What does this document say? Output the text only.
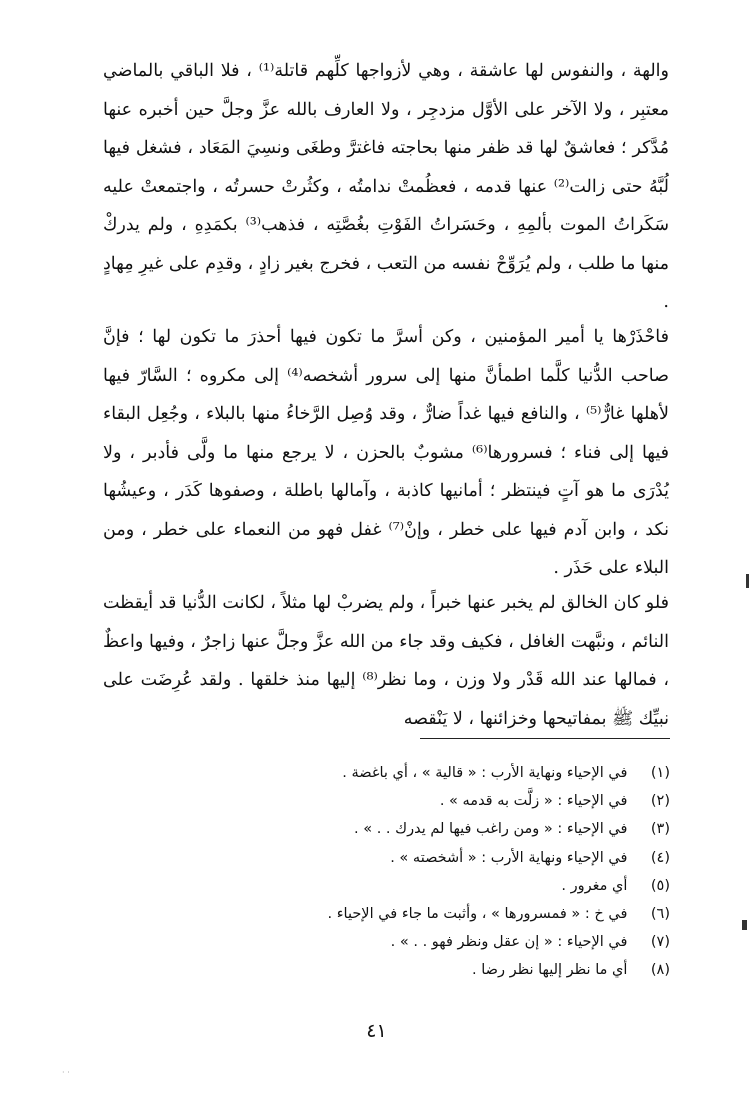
والهة ، والنفوس لها عاشقة ، وهي لأزواجها كلِّهم قاتلة⁽¹⁾ ، فلا الباقي بالماضي معتبِر ، ولا الآخر على الأوَّل مزدجِر ، ولا العارف بالله عزَّ وجلَّ حين أخبره عنها مُدَّكر ؛ فعاشقٌ لها قد ظفر منها بحاجته فاغترَّ وطغَى ونسِيَ المَعَاد ، فشغل فيها لُبَّهُ حتى زالت⁽²⁾ عنها قدمه ، فعظُمتْ ندامتُه ، وكثُرتْ حسرتُه ، واجتمعتْ عليه سَكَراتُ الموت بألمِهِ ، وحَسَراتُ الفَوْتِ بغُصَّتِه ، فذهب⁽³⁾ بكمَدِهِ ، ولم يدركْ منها ما طلب ، ولم يُرَوِّحْ نفسه من التعب ، فخرج بغير زادٍ ، وقدِم على غيرِ مِهادٍ .

فاحْذَرْها يا أمير المؤمنين ، وكن أسرَّ ما تكون فيها أحذرَ ما تكون لها ؛ فإنَّ صاحب الدُّنيا كلَّما اطمأنَّ منها إلى سرور أشخصه⁽⁴⁾ إلى مكروه ؛ السَّارّ فيها لأهلها غارٌّ⁽⁵⁾ ، والنافع فيها غداً ضارٌّ ، وقد وُصِل الرَّخاءُ منها بالبلاء ، وجُعِل البقاء فيها إلى فناء ؛ فسرورها⁽⁶⁾ مشوبٌ بالحزن ، لا يرجع منها ما ولَّى فأدبر ، ولا يُدْرَى ما هو آتٍ فينتظر ؛ أمانيها كاذبة ، وآمالها باطلة ، وصفوها كَدَر ، وعيشُها نكد ، وابن آدم فيها على خطر ، وإنْ⁽⁷⁾ غفل فهو من النعماء على خطر ، ومن البلاء على حَذَر .

فلو كان الخالق لم يخبر عنها خبراً ، ولم يضربْ لها مثلاً ، لكانت الدُّنيا قد أيقظت النائم ، ونبَّهت الغافل ، فكيف وقد جاء من الله عزَّ وجلَّ عنها زاجرٌ ، وفيها واعظٌ ، فمالها عند الله قَدْر ولا وزن ، وما نظر⁽⁸⁾ إليها منذ خلقها . ولقد عُرِضَت على نبيِّك ﷺ بمفاتيحها وخزائنها ، لا يَنْقصه

(١) في الإحياء ونهاية الأرب : « قالية » ، أي باغضة .
(٢) في الإحياء : « زلَّت به قدمه » .
(٣) في الإحياء : « ومن راغب فيها لم يدرك . . » .
(٤) في الإحياء ونهاية الأرب : « أشخصته » .
(٥) أي مغرور .
(٦) في خ : « فمسرورها » ، وأثبت ما جاء في الإحياء .
(٧) في الإحياء : « إن عقل ونظر فهو . . » .
(٨) أي ما نظر إليها نظر رضا .
٤١
· ·
